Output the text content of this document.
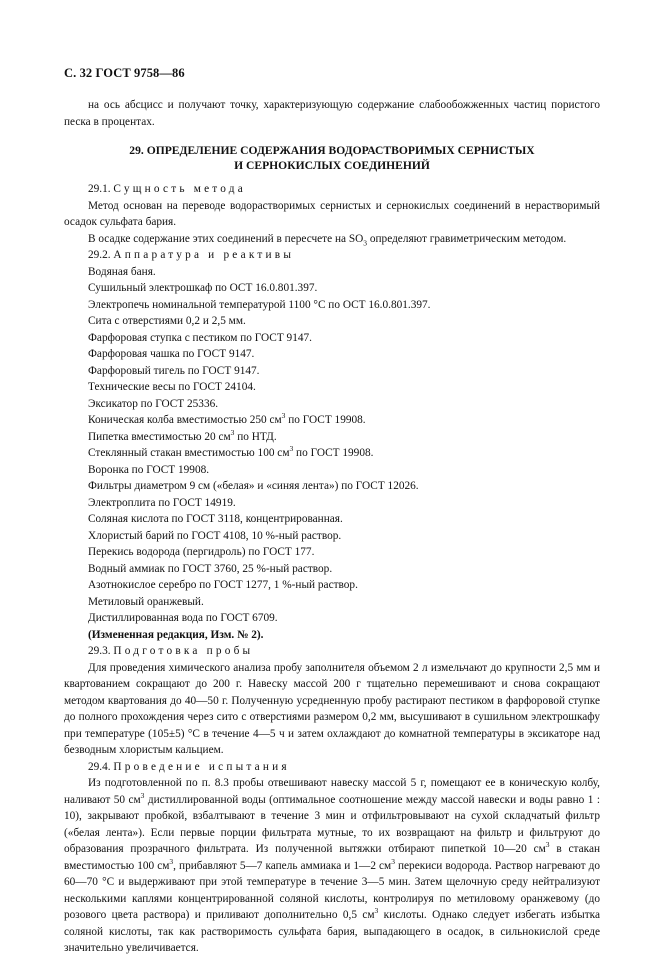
С. 32 ГОСТ 9758—86

на ось абсцисс и получают точку, характеризующую содержание слабообожженных частиц пористого песка в процентах.

29. ОПРЕДЕЛЕНИЕ СОДЕРЖАНИЯ ВОДОРАСТВОРИМЫХ СЕРНИСТЫХ
И СЕРНОКИСЛЫХ СОЕДИНЕНИЙ

29.1. Сущность метода

Метод основан на переводе водорастворимых сернистых и сернокислых соединений в нерастворимый осадок сульфата бария.

В осадке содержание этих соединений в пересчете на $SO_3$ определяют гравиметрическим методом.

29.2. Аппаратура и реактивы

Водяная баня.

Сушильный электрошкаф по ОСТ 16.0.801.397.

Электропечь номинальной температурой 1100 °С по ОСТ 16.0.801.397.

Сита с отверстиями 0,2 и 2,5 мм.

Фарфоровая ступка с пестиком по ГОСТ 9147.

Фарфоровая чашка по ГОСТ 9147.

Фарфоровый тигель по ГОСТ 9147.

Технические весы по ГОСТ 24104.

Эксикатор по ГОСТ 25336.

Коническая колба вместимостью 250 $см^3$ по ГОСТ 19908.

Пипетка вместимостью 20 $см^3$ по НТД.

Стеклянный стакан вместимостью 100 $см^3$ по ГОСТ 19908.

Воронка по ГОСТ 19908.

Фильтры диаметром 9 см («белая» и «синяя лента») по ГОСТ 12026.

Электроплита по ГОСТ 14919.

Соляная кислота по ГОСТ 3118, концентрированная.

Хлористый барий по ГОСТ 4108, 10 %-ный раствор.

Перекись водорода (пергидроль) по ГОСТ 177.

Водный аммиак по ГОСТ 3760, 25 %-ный раствор.

Азотнокислое серебро по ГОСТ 1277, 1 %-ный раствор.

Метиловый оранжевый.

Дистиллированная вода по ГОСТ 6709.

(Измененная редакция, Изм. № 2).

29.3. Подготовка пробы

Для проведения химического анализа пробу заполнителя объемом 2 л измельчают до крупности 2,5 мм и квартованием сокращают до 200 г. Навеску массой 200 г тщательно перемешивают и снова сокращают методом квартования до 40—50 г. Полученную усредненную пробу растирают пестиком в фарфоровой ступке до полного прохождения через сито с отверстиями размером 0,2 мм, высушивают в сушильном электрошкафу при температуре (105±5) °С в течение 4—5 ч и затем охлаждают до комнатной температуры в эксикаторе над безводным хлористым кальцием.

29.4. Проведение испытания

Из подготовленной по п. 8.3 пробы отвешивают навеску массой 5 г, помещают ее в коническую колбу, наливают 50 $см^3$ дистиллированной воды (оптимальное соотношение между массой навески и воды равно 1 : 10), закрывают пробкой, взбалтывают в течение 3 мин и отфильтровывают на сухой складчатый фильтр («белая лента»). Если первые порции фильтрата мутные, то их возвращают на фильтр и фильтруют до образования прозрачного фильтрата. Из полученной вытяжки отбирают пипеткой 10—20 $см^3$ в стакан вместимостью 100 $см^3$, прибавляют 5—7 капель аммиака и 1—2 $см^3$ перекиси водорода. Раствор нагревают до 60—70 °С и выдерживают при этой температуре в течение 3—5 мин. Затем щелочную среду нейтрализуют несколькими каплями концентрированной соляной кислоты, контролируя по метиловому оранжевому (до розового цвета раствора) и приливают дополнительно 0,5 $см^3$ кислоты. Однако следует избегать избытка соляной кислоты, так как растворимость сульфата бария, выпадающего в осадок, в сильнокислой среде значительно увеличивается.
